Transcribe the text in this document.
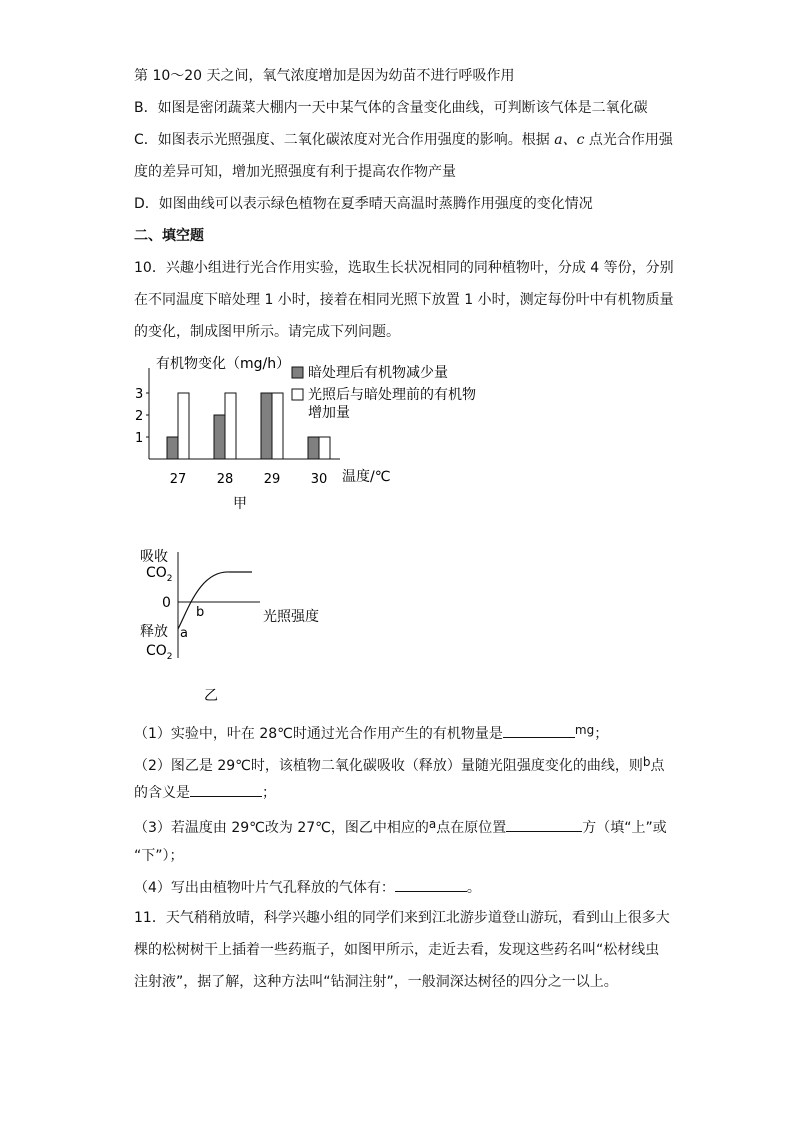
第 10～20 天之间，氧气浓度增加是因为幼苗不进行呼吸作用
B．如图是密闭蔬菜大棚内一天中某气体的含量变化曲线，可判断该气体是二氧化碳
C．如图表示光照强度、二氧化碳浓度对光合作用强度的影响。根据 a、c 点光合作用强
度的差异可知，增加光照强度有利于提高农作物产量
D．如图曲线可以表示绿色植物在夏季晴天高温时蒸腾作用强度的变化情况
二、填空题
10．兴趣小组进行光合作用实验，选取生长状况相同的同种植物叶，分成 4 等份，分别
在不同温度下暗处理 1 小时，接着在相同光照下放置 1 小时，测定每份叶中有机物质量
的变化，制成图甲所示。请完成下列问题。
有机物变化（mg/h）
温度/℃
甲
暗处理后有机物减少量
光照后与暗处理前的有机物
增加量
1
2
3
27 28 29 30
吸收
$CO_2$
0
b	光照强度
释放 a
$CO_2$
乙
（1）实验中，叶在 28℃时通过光合作用产生的有机物量是	mg；
（2）图乙是 29℃时，该植物二氧化碳吸收（释放）量随光阻强度变化的曲线，则b点
的含义是	；
（3）若温度由 29℃改为 27℃，图乙中相应的a点在原位置	方（填“上”或
“下”）；
（4）写出由植物叶片气孔释放的气体有：	。
11．天气稍稍放晴，科学兴趣小组的同学们来到江北游步道登山游玩，看到山上很多大
棵的松树树干上插着一些药瓶子，如图甲所示，走近去看，发现这些药名叫“松材线虫
注射液”，据了解，这种方法叫“钻洞注射”，一般洞深达树径的四分之一以上。
